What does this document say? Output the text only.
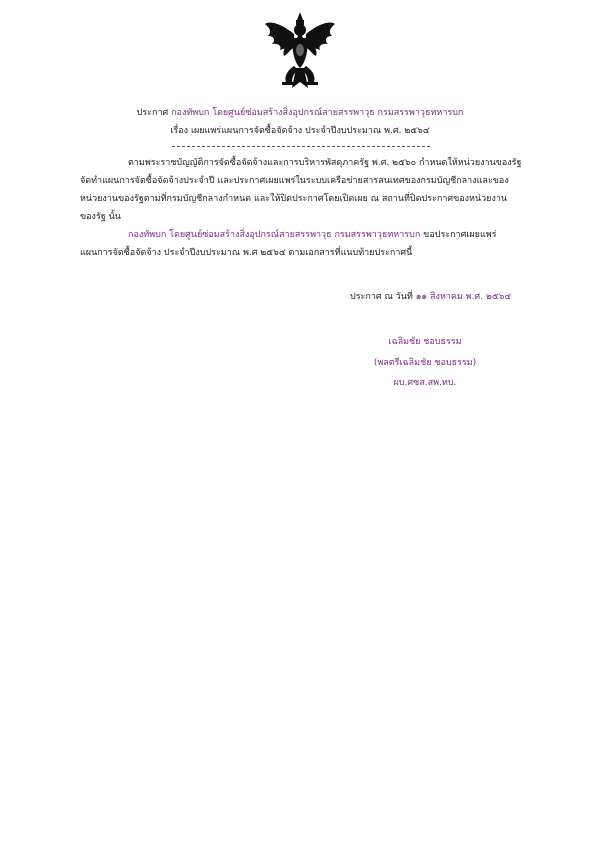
ประกาศ กองทัพบก โดยศูนย์ซ่อมสร้างสิ่งอุปกรณ์สายสรรพาวุธ กรมสรรพาวุธทหารบก
เรื่อง เผยแพร่แผนการจัดซื้อจัดจ้าง ประจำปีงบประมาณ พ.ศ. ๒๕๖๔
ตามพระราชบัญญัติการจัดซื้อจัดจ้างและการบริหารพัสดุภาครัฐ พ.ศ. ๒๕๖๐ กำหนดให้หน่วยงานของรัฐ
จัดทำแผนการจัดซื้อจัดจ้างประจำปี และประกาศเผยแพร่ในระบบเครือข่ายสารสนเทศของกรมบัญชีกลางและของ
หน่วยงานของรัฐตามที่กรมบัญชีกลางกำหนด และให้ปิดประกาศโดยเปิดเผย ณ สถานที่ปิดประกาศของหน่วยงาน
ของรัฐ นั้น
กองทัพบก โดยศูนย์ซ่อมสร้างสิ่งอุปกรณ์สายสรรพาวุธ กรมสรรพาวุธทหารบก ขอประกาศเผยแพร่
แผนการจัดซื้อจัดจ้าง ประจำปีงบประมาณ พ.ศ ๒๕๖๔ ตามเอกสารที่แนบท้ายประกาศนี้
ประกาศ ณ วันที่ ๑๑ สิงหาคม พ.ศ. ๒๕๖๔
เฉลิมชัย ชอบธรรม
(พลตรีเฉลิมชัย ชอบธรรม)
ผบ.ศซส.สพ.ทบ.
